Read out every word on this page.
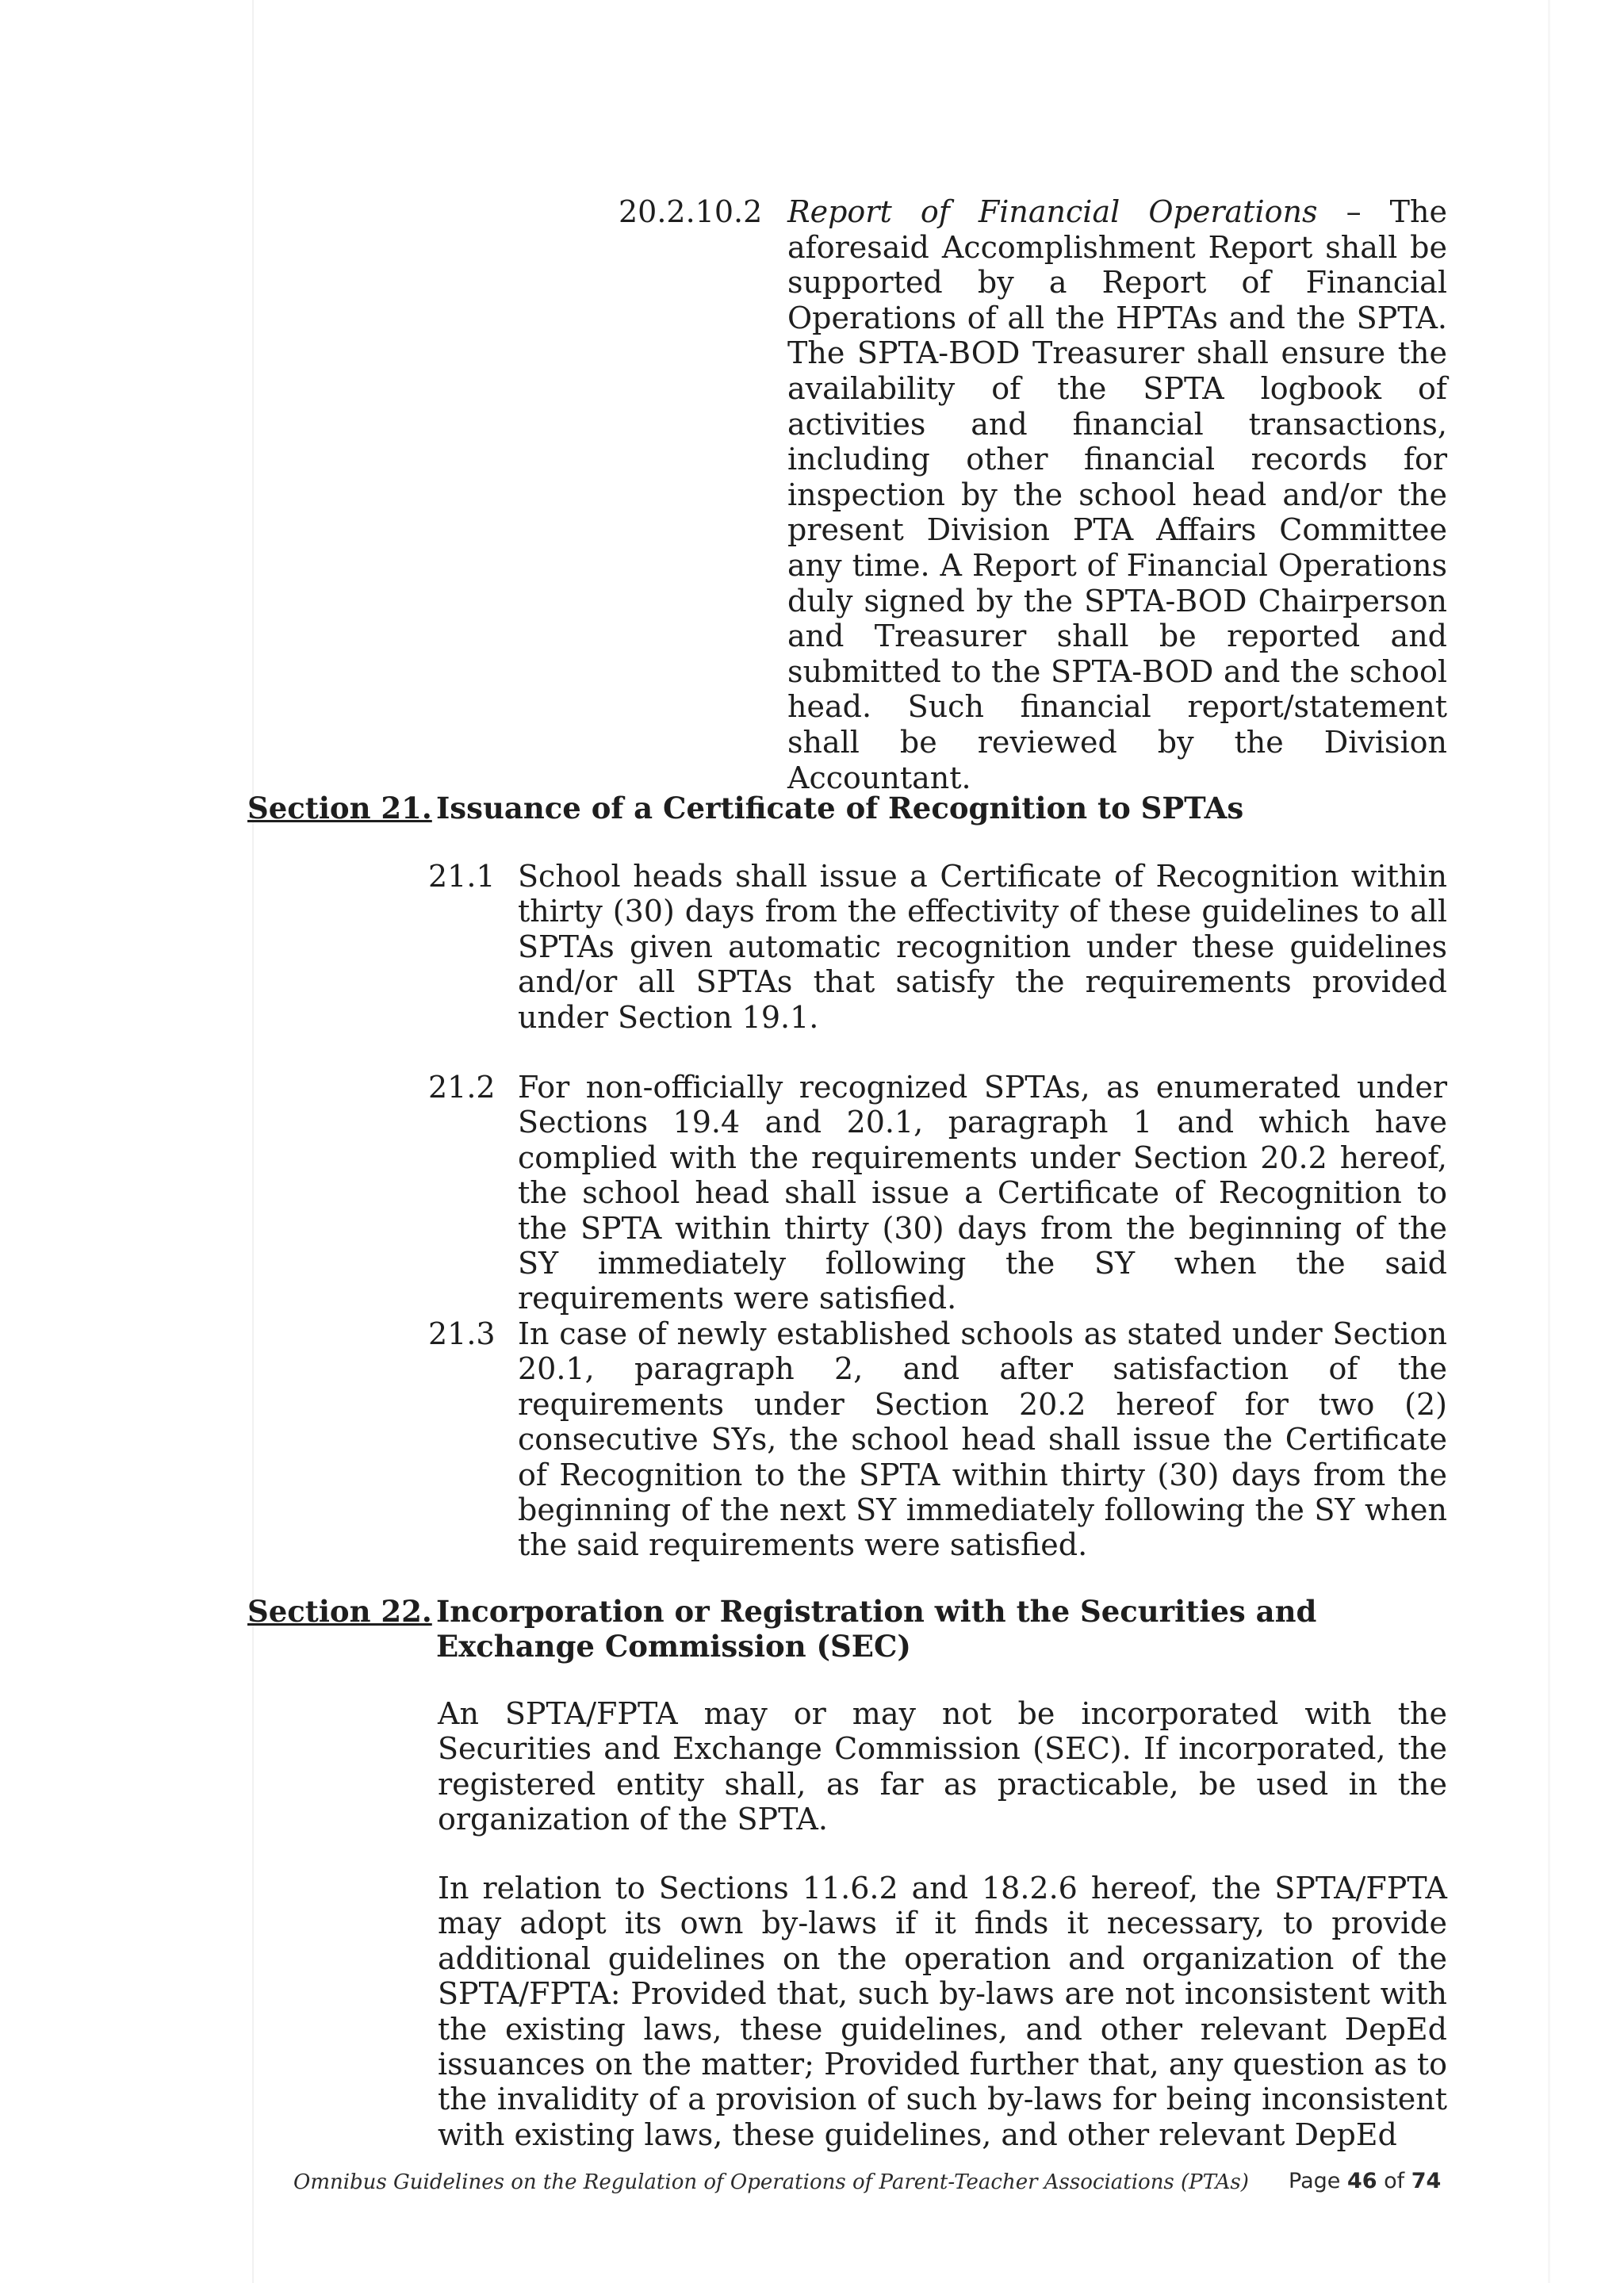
20.2.10.2 Report of Financial Operations – The aforesaid Accomplishment Report shall be supported by a Report of Financial Operations of all the HPTAs and the SPTA. The SPTA-BOD Treasurer shall ensure the availability of the SPTA logbook of activities and financial transactions, including other financial records for inspection by the school head and/or the present Division PTA Affairs Committee any time. A Report of Financial Operations duly signed by the SPTA-BOD Chairperson and Treasurer shall be reported and submitted to the SPTA-BOD and the school head. Such financial report/statement shall be reviewed by the Division Accountant.
Section 21. Issuance of a Certificate of Recognition to SPTAs
21.1 School heads shall issue a Certificate of Recognition within thirty (30) days from the effectivity of these guidelines to all SPTAs given automatic recognition under these guidelines and/or all SPTAs that satisfy the requirements provided under Section 19.1.
21.2 For non-officially recognized SPTAs, as enumerated under Sections 19.4 and 20.1, paragraph 1 and which have complied with the requirements under Section 20.2 hereof, the school head shall issue a Certificate of Recognition to the SPTA within thirty (30) days from the beginning of the SY immediately following the SY when the said requirements were satisfied.
21.3 In case of newly established schools as stated under Section 20.1, paragraph 2, and after satisfaction of the requirements under Section 20.2 hereof for two (2) consecutive SYs, the school head shall issue the Certificate of Recognition to the SPTA within thirty (30) days from the beginning of the next SY immediately following the SY when the said requirements were satisfied.
Section 22. Incorporation or Registration with the Securities and Exchange Commission (SEC)
An SPTA/FPTA may or may not be incorporated with the Securities and Exchange Commission (SEC). If incorporated, the registered entity shall, as far as practicable, be used in the organization of the SPTA.
In relation to Sections 11.6.2 and 18.2.6 hereof, the SPTA/FPTA may adopt its own by-laws if it finds it necessary, to provide additional guidelines on the operation and organization of the SPTA/FPTA: Provided that, such by-laws are not inconsistent with the existing laws, these guidelines, and other relevant DepEd issuances on the matter; Provided further that, any question as to the invalidity of a provision of such by-laws for being inconsistent with existing laws, these guidelines, and other relevant DepEd
Omnibus Guidelines on the Regulation of Operations of Parent-Teacher Associations (PTAs) Page 46 of 74
